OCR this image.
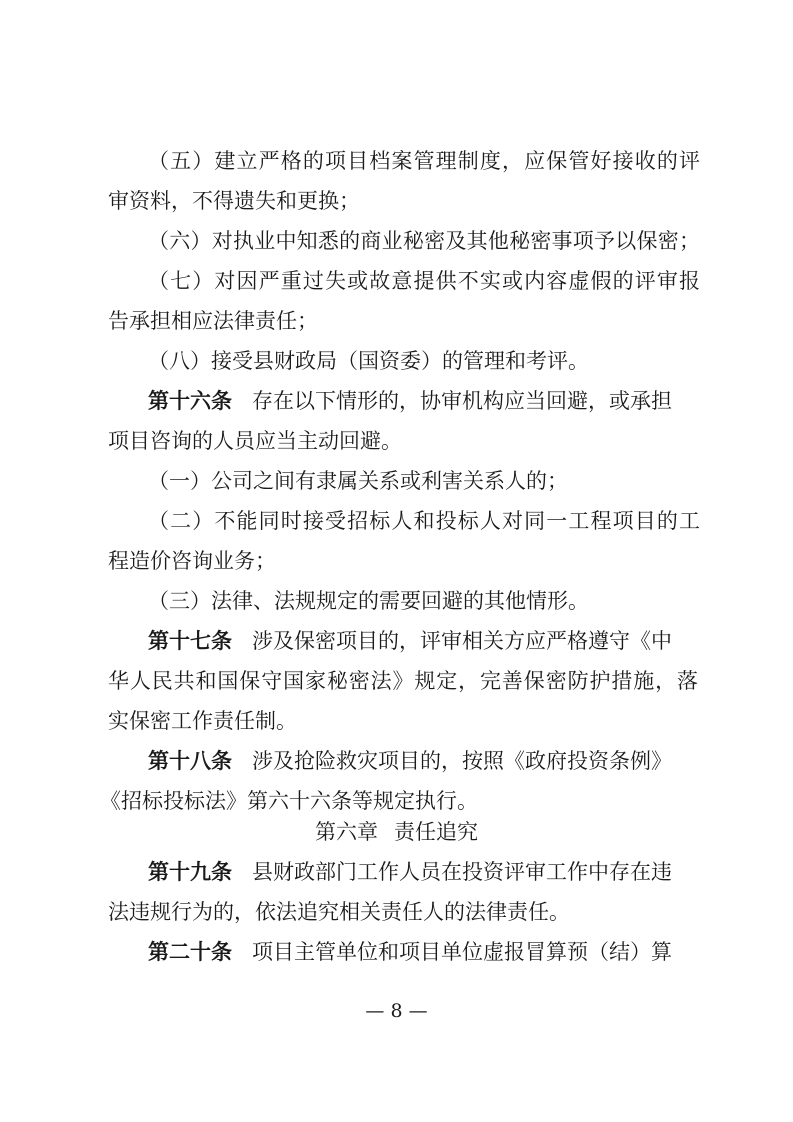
（五）建立严格的项目档案管理制度，应保管好接收的评
审资料，不得遗失和更换；
（六）对执业中知悉的商业秘密及其他秘密事项予以保密；
（七）对因严重过失或故意提供不实或内容虚假的评审报
告承担相应法律责任；
（八）接受县财政局（国资委）的管理和考评。
第十六条 存在以下情形的，协审机构应当回避，或承担
项目咨询的人员应当主动回避。
（一）公司之间有隶属关系或利害关系人的；
（二）不能同时接受招标人和投标人对同一工程项目的工
程造价咨询业务；
（三）法律、法规规定的需要回避的其他情形。
第十七条 涉及保密项目的，评审相关方应严格遵守《中
华人民共和国保守国家秘密法》规定，完善保密防护措施，落
实保密工作责任制。
第十八条 涉及抢险救灾项目的，按照《政府投资条例》
《招标投标法》第六十六条等规定执行。
第六章 责任追究
第十九条 县财政部门工作人员在投资评审工作中存在违
法违规行为的，依法追究相关责任人的法律责任。
第二十条 项目主管单位和项目单位虚报冒算预（结）算
— 8 —
